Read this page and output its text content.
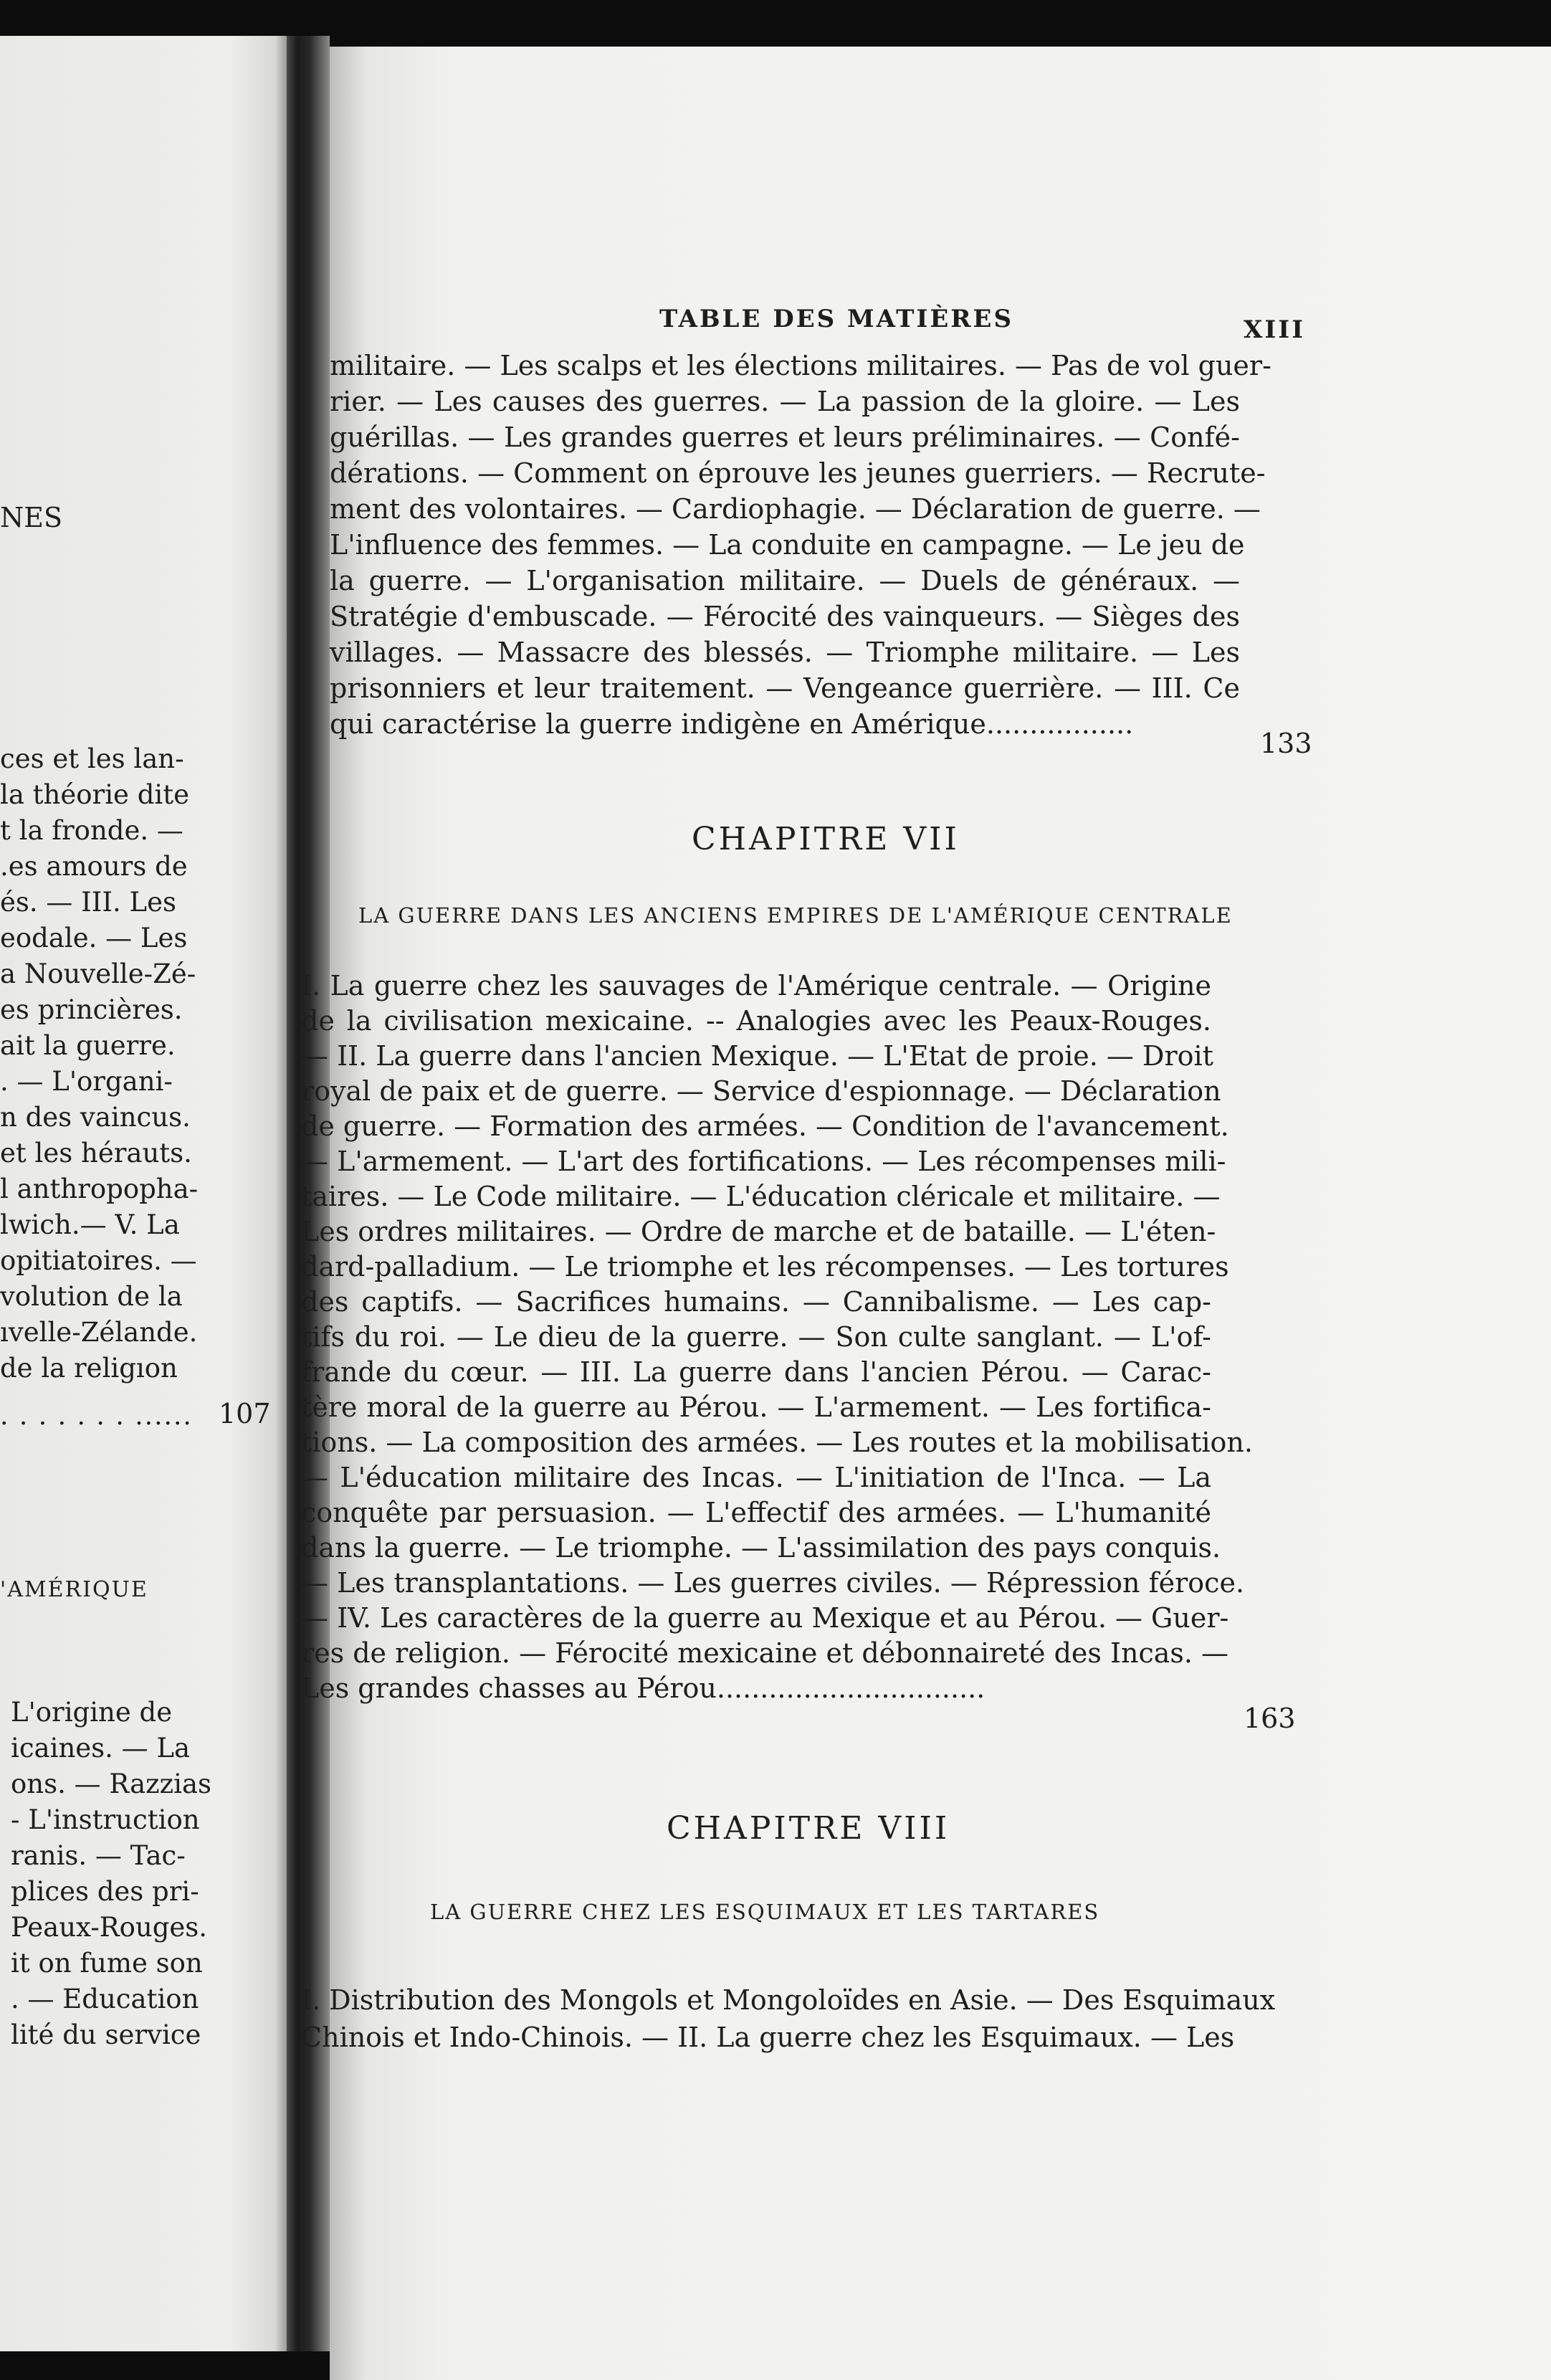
NES
ces et les lan-
la théorie dite
t la fronde. —
.es amours de
és. — III. Les
eodale. — Les
a Nouvelle-Zé-
es princières.
ait la guerre.
. — L'organi-
n des vaincus.
et les hérauts.
l anthropopha-
lwich.— V. La
opitiatoires. —
volution de la
ıvelle-Zélande.
de la religıon
. . . . . . . ...... 107
'AMÉRIQUE
L'origine de
icaines. — La
ons. — Razzias
- L'instruction
ranis. — Tac-
plices des pri-
Peaux-Rouges.
it on fume son
. — Education
lité du service
TABLE DES MATIÈRES	XIII
militaire. — Les scalps et les élections militaires. — Pas de vol guer-
rier. — Les causes des guerres. — La passion de la gloire. — Les
guérillas. — Les grandes guerres et leurs préliminaires. — Confé-
dérations. — Comment on éprouve les jeunes guerriers. — Recrute-
ment des volontaires. — Cardiophagie. — Déclaration de guerre. —
L'influence des femmes. — La conduite en campagne. — Le jeu de
la guerre. — L'organisation militaire. — Duels de généraux. —
Stratégie d'embuscade. — Férocité des vainqueurs. — Sièges des
villages. — Massacre des blessés. — Triomphe militaire. — Les
prisonniers et leur traitement. — Vengeance guerrière. — III. Ce
qui caractérise la guerre indigène en Amérique.................
133
CHAPITRE VII
LA GUERRE DANS LES ANCIENS EMPIRES DE L'AMÉRIQUE CENTRALE
I. La guerre chez les sauvages de l'Amérique centrale. — Origine
de la civilisation mexicaine. -- Analogies avec les Peaux-Rouges.
— II. La guerre dans l'ancien Mexique. — L'Etat de proie. — Droit
royal de paix et de guerre. — Service d'espionnage. — Déclaration
de guerre. — Formation des armées. — Condition de l'avancement.
— L'armement. — L'art des fortifications. — Les récompenses mili-
taires. — Le Code militaire. — L'éducation cléricale et militaire. —
Les ordres militaires. — Ordre de marche et de bataille. — L'éten-
dard-palladium. — Le triomphe et les récompenses. — Les tortures
des captifs. — Sacrifices humains. — Cannibalisme. — Les cap-
tifs du roi. — Le dieu de la guerre. — Son culte sanglant. — L'of-
frande du cœur. — III. La guerre dans l'ancien Pérou. — Carac-
tère moral de la guerre au Pérou. — L'armement. — Les fortifica-
tions. — La composition des armées. — Les routes et la mobilisation.
— L'éducation militaire des Incas. — L'initiation de l'Inca. — La
conquête par persuasion. — L'effectif des armées. — L'humanité
dans la guerre. — Le triomphe. — L'assimilation des pays conquis.
— Les transplantations. — Les guerres civiles. — Répression féroce.
— IV. Les caractères de la guerre au Mexique et au Pérou. — Guer-
res de religion. — Férocité mexicaine et débonnaireté des Incas. —
Les grandes chasses au Pérou...............................
163
CHAPITRE VIII
LA GUERRE CHEZ LES ESQUIMAUX ET LES TARTARES
I. Distribution des Mongols et Mongoloïdes en Asie. — Des Esquimaux
Chinois et Indo-Chinois. — II. La guerre chez les Esquimaux. — Les
